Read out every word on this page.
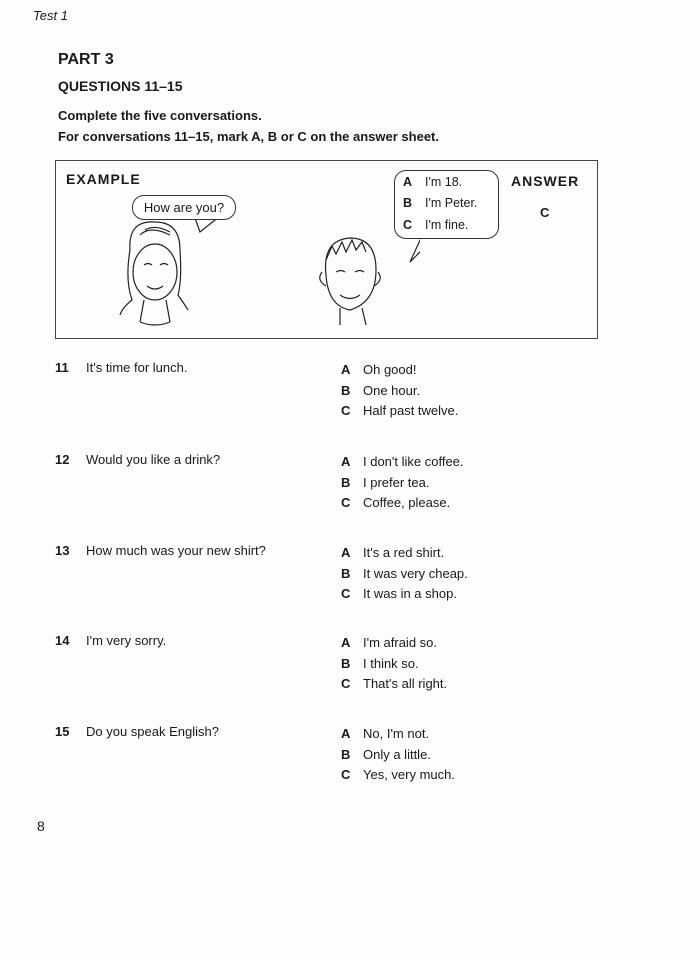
Test 1
PART 3
QUESTIONS 11–15
Complete the five conversations.
For conversations 11–15, mark A, B or C on the answer sheet.
EXAMPLE	ANSWER
C
How are you?
A I'm 18.
B I'm Peter.
C I'm fine.
11 It's time for lunch.	A Oh good!
B One hour.
C Half past twelve.
12 Would you like a drink?	A I don't like coffee.
B I prefer tea.
C Coffee, please.
13 How much was your new shirt?	A It's a red shirt.
B It was very cheap.
C It was in a shop.
14 I'm very sorry.	A I'm afraid so.
B I think so.
C That's all right.
15 Do you speak English?	A No, I'm not.
B Only a little.
C Yes, very much.
8
